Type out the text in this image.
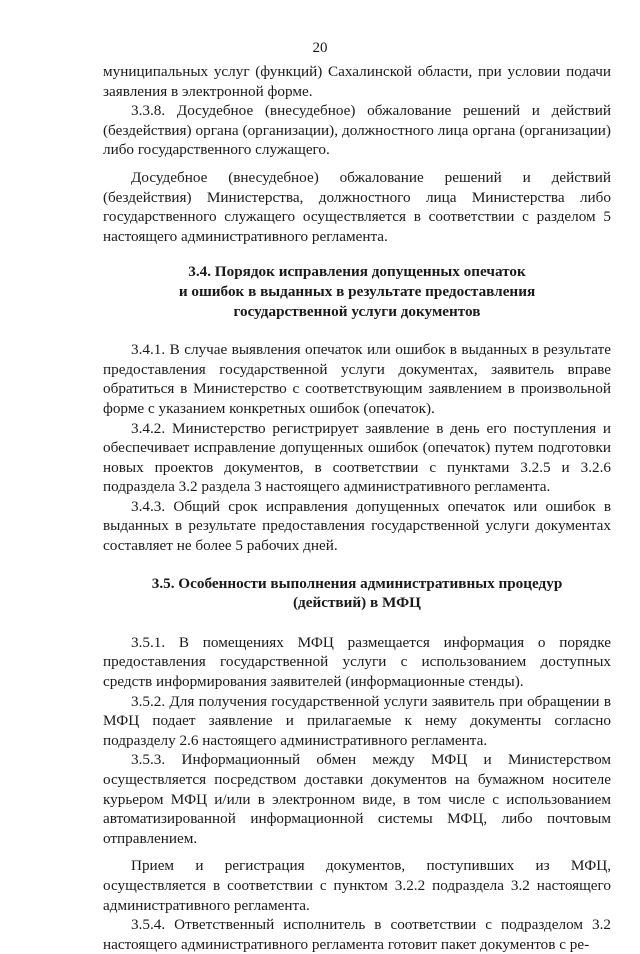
20

муниципальных услуг (функций) Сахалинской области, при условии подачи заявления в электронной форме.

3.3.8. Досудебное (внесудебное) обжалование решений и действий (бездействия) органа (организации), должностного лица органа (организации) либо государственного служащего.

Досудебное (внесудебное) обжалование решений и действий (бездействия) Министерства, должностного лица Министерства либо государственного служащего осуществляется в соответствии с разделом 5 настоящего административного регламента.

3.4. Порядок исправления допущенных опечаток
и ошибок в выданных в результате предоставления
государственной услуги документов

3.4.1. В случае выявления опечаток или ошибок в выданных в результате предоставления государственной услуги документах, заявитель вправе обратиться в Министерство с соответствующим заявлением в произвольной форме с указанием конкретных ошибок (опечаток).

3.4.2. Министерство регистрирует заявление в день его поступления и обеспечивает исправление допущенных ошибок (опечаток) путем подготовки новых проектов документов, в соответствии с пунктами 3.2.5 и 3.2.6 подраздела 3.2 раздела 3 настоящего административного регламента.

3.4.3. Общий срок исправления допущенных опечаток или ошибок в выданных в результате предоставления государственной услуги документах составляет не более 5 рабочих дней.

3.5. Особенности выполнения административных процедур
(действий) в МФЦ

3.5.1. В помещениях МФЦ размещается информация о порядке предоставления государственной услуги с использованием доступных средств информирования заявителей (информационные стенды).

3.5.2. Для получения государственной услуги заявитель при обращении в МФЦ подает заявление и прилагаемые к нему документы согласно подразделу 2.6 настоящего административного регламента.

3.5.3. Информационный обмен между МФЦ и Министерством осуществляется посредством доставки документов на бумажном носителе курьером МФЦ и/или в электронном виде, в том числе с использованием автоматизированной информационной системы МФЦ, либо почтовым отправлением.

Прием и регистрация документов, поступивших из МФЦ, осуществляется в соответствии с пунктом 3.2.2 подраздела 3.2 настоящего административного регламента.

3.5.4. Ответственный исполнитель в соответствии с подразделом 3.2 настоящего административного регламента готовит пакет документов с ре-
